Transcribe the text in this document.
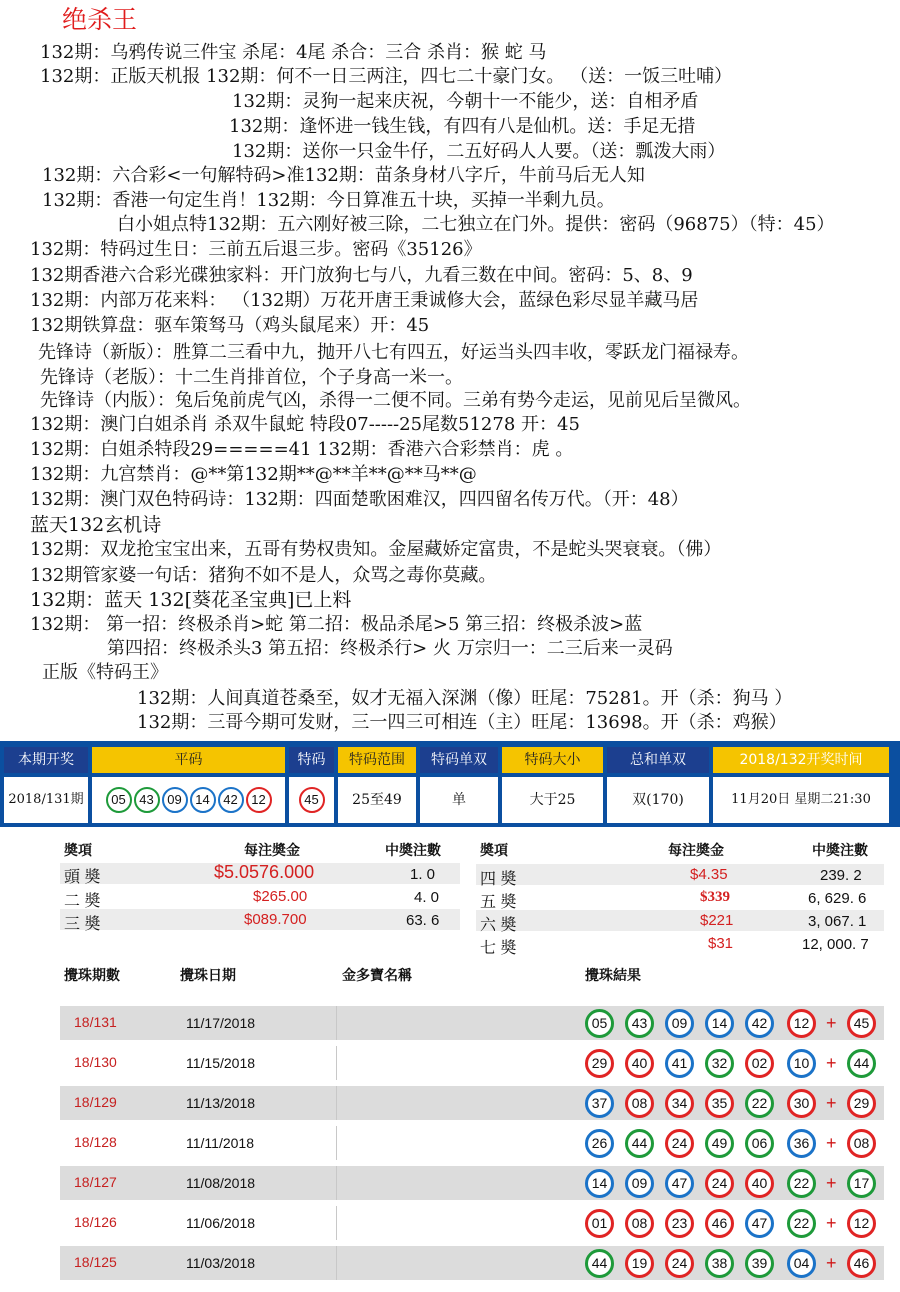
绝杀王
132期：乌鸦传说三件宝 杀尾：4尾 杀合：三合 杀肖：猴 蛇 马
132期：正版天机报 132期：何不一日三两注，四七二十豪门女。 （送：一饭三吐哺）
132期：灵狗一起来庆祝，今朝十一不能少，送：自相矛盾
132期：逢怀进一钱生钱，有四有八是仙机。送：手足无措
132期：送你一只金牛仔，二五好码人人要。（送：瓢泼大雨）
132期：六合彩<一句解特码>准132期：苗条身材八字斤，牛前马后无人知
132期：香港一句定生肖！132期：今日算准五十块，买掉一半剩九员。
白小姐点特132期：五六刚好被三除，二七独立在门外。提供：密码（96875）（特：45）
132期：特码过生日：三前五后退三步。密码《35126》
132期香港六合彩光碟独家料：开门放狗七与八，九看三数在中间。密码：5、8、9
132期：内部万花来料： （132期）万花开唐王秉诚修大会，蓝绿色彩尽显羊藏马居
132期铁算盘：驱车策驽马（鸡头鼠尾来）开：45
先锋诗（新版）：胜算二三看中九，抛开八七有四五，好运当头四丰收，零跃龙门福禄寿。
先锋诗（老版）：十二生肖排首位，个子身高一米一。
先锋诗（内版）：兔后兔前虎气凶，杀得一二便不同。三弟有势今走运，见前见后呈微风。
132期：澳门白姐杀肖 杀双牛鼠蛇 特段07-----25尾数51278 开：45
132期：白姐杀特段29=====41 132期：香港六合彩禁肖：虎 。
132期：九宫禁肖：@**第132期**@**羊**@**马**@
132期：澳门双色特码诗：132期：四面楚歌困难汉，四四留名传万代。（开：48）
蓝天132玄机诗
132期：双龙抢宝宝出来，五哥有势权贵知。金屋藏娇定富贵，不是蛇头哭衰衰。（佛）
132期管家婆一句话：猪狗不如不是人，众骂之毒你莫藏。
132期：蓝天 132[葵花圣宝典]已上料
132期： 第一招：终极杀肖>蛇 第二招：极品杀尾>5 第三招：终极杀波>蓝
第四招：终极杀头3 第五招：终极杀行> 火 万宗归一：二三后来一灵码
正版《特码王》
132期：人间真道苍桑至，奴才无福入深渊（像）旺尾：75281。开（杀：狗马 ）
132期：三哥今期可发财，三一四三可相连（主）旺尾：13698。开（杀：鸡猴）
本期开奖	平码	特码	特码范围	特码单双	特码大小	总和单双	2018/132开奖时间
2018/131期	05 43 09 14 42 12	45	25至49	单	大于25	双(170)	11月20日 星期二21:30
奬項	每注奬金	中奬注數	奬項	每注奬金	中奬注數
頭 奬	$5.0576.000	1. 0
二 奬	$265.00	4. 0
三 奬	$089.700	63. 6
四 奬	$4.35	239. 2
五 奬	$339	6, 629. 6
六 奬	$221	3, 067. 1
七 奬	$31	12, 000. 7
攪珠期數	攪珠日期	金多寶名稱	攪珠結果
18/131	11/17/2018	05	43	09	14	42	12 +	45
18/130	11/15/2018	29	40	41	32	02	10 +	44
18/129	11/13/2018	37	08	34	35	22	30 +	29
18/128	11/11/2018	26	44	24	49	06	36 +	08
18/127	11/08/2018	14	09	47	24	40	22 +	17
18/126	11/06/2018	01	08	23	46	47	22 +	12
18/125	11/03/2018	44	19	24	38	39	04 +	46
